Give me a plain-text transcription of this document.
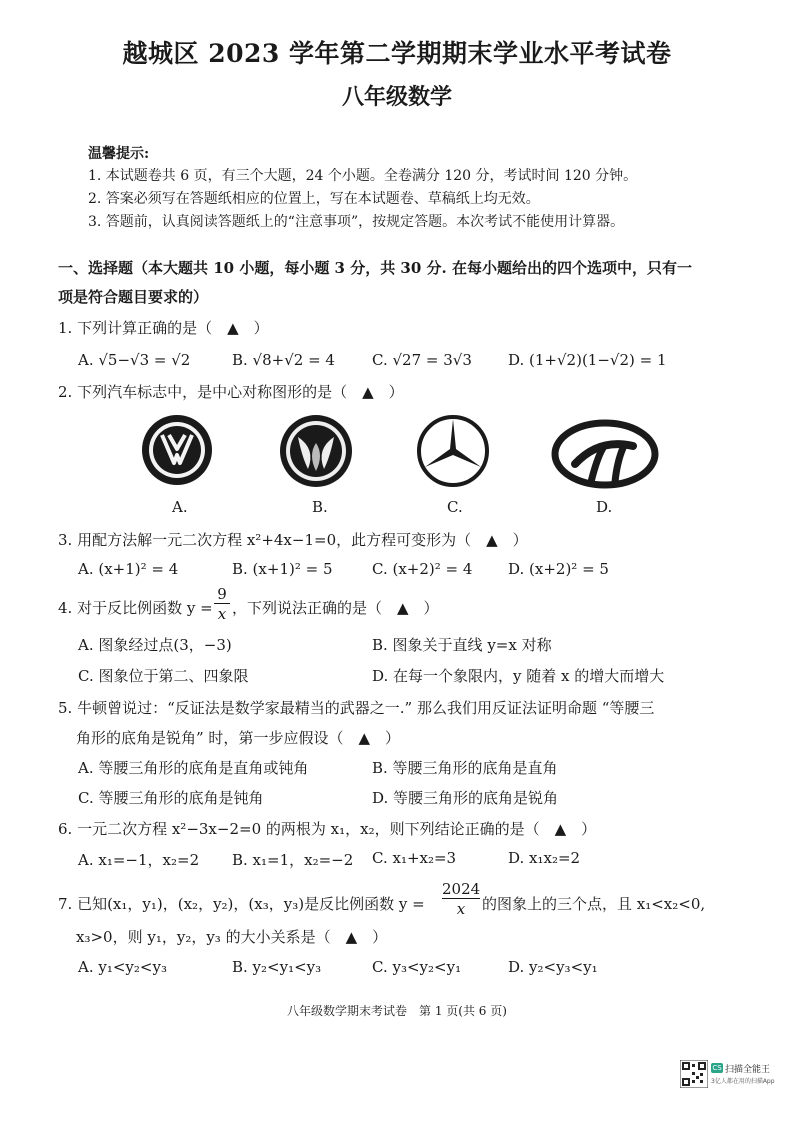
越城区 2023 学年第二学期期末学业水平考试卷
八年级数学
温馨提示:
1. 本试题卷共 6 页，有三个大题，24 个小题。全卷满分 120 分，考试时间 120 分钟。
2. 答案必须写在答题纸相应的位置上，写在本试题卷、草稿纸上均无效。
3. 答题前，认真阅读答题纸上的“注意事项”，按规定答题。本次考试不能使用计算器。
一、选择题（本大题共 10 小题，每小题 3 分，共 30 分. 在每小题给出的四个选项中，只有一
项是符合题目要求的）
1. 下列计算正确的是（　▲　）
A. √5−√3 = √2	B. √8+√2 = 4 C. √27 = 3√3 D. (1+√2)(1−√2) = 1
2. 下列汽车标志中，是中心对称图形的是（　▲　）
A.	B.	C.	D.
3. 用配方法解一元二次方程 x²+4x−1=0，此方程可变形为（　▲　）
A. (x+1)² = 4	B. (x+1)² = 5	C. (x+2)² = 4 D. (x+2)² = 5
4. 对于反比例函数 y =
9
x ，下列说法正确的是（　▲　）
A. 图象经过点(3，−3)	B. 图象关于直线 y=x 对称
C. 图象位于第二、四象限	D. 在每一个象限内，y 随着 x 的增大而增大
5. 牛顿曾说过：“反证法是数学家最精当的武器之一.” 那么我们用反证法证明命题 “等腰三
角形的底角是锐角” 时，第一步应假设（　▲　）
A. 等腰三角形的底角是直角或钝角	B. 等腰三角形的底角是直角
C. 等腰三角形的底角是钝角	D. 等腰三角形的底角是锐角
6. 一元二次方程 x²−3x−2=0 的两根为 x₁，x₂，则下列结论正确的是（　▲　）
A. x₁=−1，x₂=2 B. x₁=1，x₂=−2 C. x₁+x₂=3	D. x₁x₂=2
7. 已知(x₁，y₁)，(x₂，y₂)，(x₃，y₃)是反比例函数 y =
2024
x	的图象上的三个点，且 x₁<x₂<0,
x₃>0，则 y₁，y₂，y₃ 的大小关系是（　▲　）
A. y₁<y₂<y₃	B. y₂<y₁<y₃	C. y₃<y₂<y₁	D. y₂<y₃<y₁
八年级数学期末考试卷　第 1 页(共 6 页)
CS 扫描全能王
3亿人都在用的扫描App
